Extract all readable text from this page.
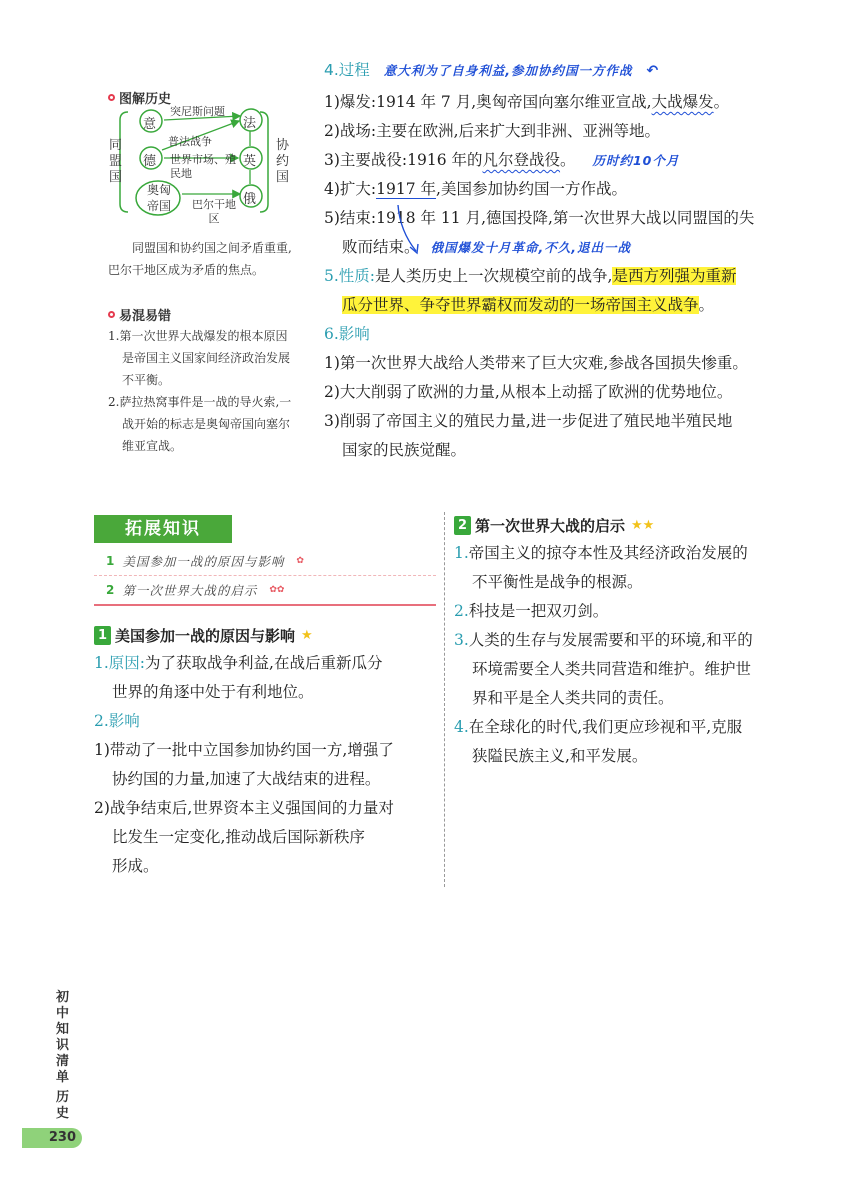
图解历史
同盟国
协约国
意
德
奥匈帝国
法
英
俄
突尼斯问题
普法战争
世界市场、殖民地
巴尔干地区
同盟国和协约国之间矛盾重重,巴尔干地区成为矛盾的焦点。
易混易错
1.第一次世界大战爆发的根本原因是帝国主义国家间经济政治发展不平衡。
2.萨拉热窝事件是一战的导火索,一战开始的标志是奥匈帝国向塞尔维亚宣战。
4.过程 意大利为了自身利益,参加协约国一方作战 ↶
1)爆发:1914 年 7 月,奥匈帝国向塞尔维亚宣战,大战爆发。
2)战场:主要在欧洲,后来扩大到非洲、亚洲等地。
3)主要战役:1916 年的凡尔登战役。 历时约10个月
4)扩大:1917 年,美国参加协约国一方作战。
5)结束:1918 年 11 月,德国投降,第一次世界大战以同盟国的失
败而结束。 俄国爆发十月革命,不久,退出一战
5.性质:是人类历史上一次规模空前的战争,是西方列强为重新
瓜分世界、争夺世界霸权而发动的一场帝国主义战争。
6.影响
1)第一次世界大战给人类带来了巨大灾难,参战各国损失惨重。
2)大大削弱了欧洲的力量,从根本上动摇了欧洲的优势地位。
3)削弱了帝国主义的殖民力量,进一步促进了殖民地半殖民地
国家的民族觉醒。
拓展知识
1 美国参加一战的原因与影响 ✿
2 第一次世界大战的启示 ✿✿
1 美国参加一战的原因与影响 ★
1.原因:为了获取战争利益,在战后重新瓜分
世界的角逐中处于有利地位。
2.影响
1)带动了一批中立国参加协约国一方,增强了
协约国的力量,加速了大战结束的进程。
2)战争结束后,世界资本主义强国间的力量对
比发生一定变化,推动战后国际新秩序
形成。
2 第一次世界大战的启示 ★★
1.帝国主义的掠夺本性及其经济政治发展的
不平衡性是战争的根源。
2.科技是一把双刃剑。
3.人类的生存与发展需要和平的环境,和平的
环境需要全人类共同营造和维护。维护世
界和平是全人类共同的责任。
4.在全球化的时代,我们更应珍视和平,克服
狭隘民族主义,和平发展。
初中知识清单
历史
230
